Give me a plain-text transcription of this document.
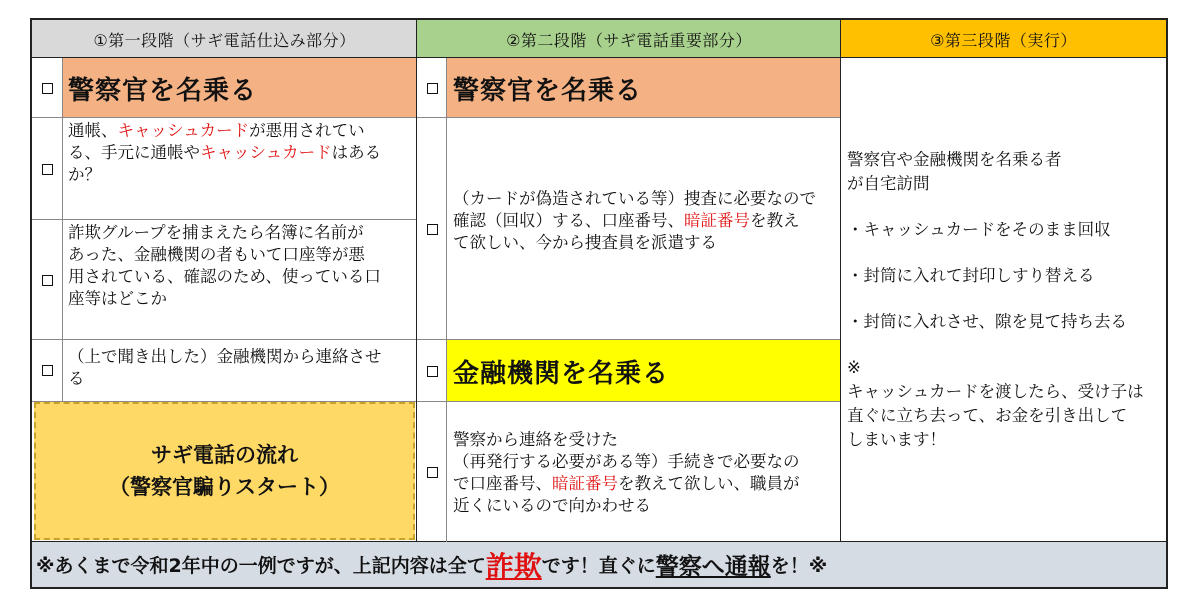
①第一段階（サギ電話仕込み部分）	②第二段階（サギ電話重要部分）	③第三段階（実行）
警察官を名乗る
通帳、キャッシュカードが悪用されてい
る、手元に通帳やキャッシュカードはある
か？
詐欺グループを捕まえたら名簿に名前が
あった、金融機関の者もいて口座等が悪
用されている、確認のため、使っている口
座等はどこか
（上で聞き出した）金融機関から連絡させ
る
サギ電話の流れ
（警察官騙りスタート）
警察官を名乗る
（カードが偽造されている等）捜査に必要なので
確認（回収）する、口座番号、暗証番号を教え
て欲しい、今から捜査員を派遣する
金融機関を名乗る
警察から連絡を受けた
（再発行する必要がある等）手続きで必要なの
で口座番号、暗証番号を教えて欲しい、職員が
近くにいるので向かわせる

警察官や金融機関を名乗る者

が自宅訪問

・キャッシュカードをそのまま回収

・封筒に入れて封印しすり替える

・封筒に入れさせ、隙を見て持ち去る

※

キャッシュカードを渡したら、受け子は

直ぐに立ち去って、お金を引き出して

しまいます！

※あくまで令和2年中の一例ですが、上記内容は全て 詐欺 です！直ぐに 警察へ通報 を！※
